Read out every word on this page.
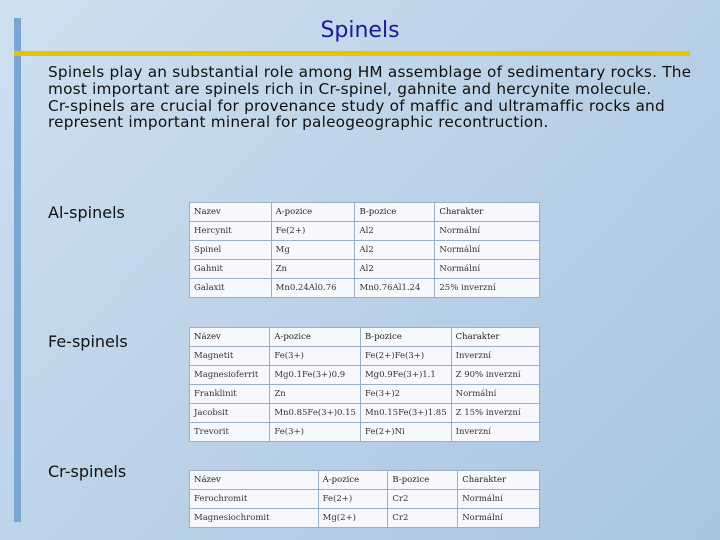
Spinels

Spinels play an substantial role among HM assemblage of sedimentary rocks. The most important are spinels rich in Cr-spinel, gahnite and hercynite molecule.

Cr-spinels are crucial for provenance study of maffic and ultramaffic rocks and represent important mineral for paleogeographic recontruction.

Al-spinels	Nazev	A-pozice	B-pozice	Charakter
Hercynit	Fe(2+)	Al2	Normální
Spinel	Mg	Al2	Normální
Gahnit	Zn	Al2	Normální
Galaxit	Mn0.24Al0.76	Mn0.76Al1.24	25% inverzní
Fe-spinels	Název	A-pozice	B-pozice	Charakter
Magnetit	Fe(3+)	Fe(2+)Fe(3+)	Inverzní
Magnesioferrit	Mg0.1Fe(3+)0.9	Mg0.9Fe(3+)1.1	Z 90% inverzní
Franklinit	Zn	Fe(3+)2	Normální
Jacobsit	Mn0.85Fe(3+)0.15	Mn0.15Fe(3+)1.85	Z 15% inverzní
Trevorit	Fe(3+)	Fe(2+)Ni	Inverzní
Cr-spinels	Název	A-pozice	B-pozice	Charakter
Ferochromit	Fe(2+)	Cr2	Normální
Magnesiochromit	Mg(2+)	Cr2	Normální
